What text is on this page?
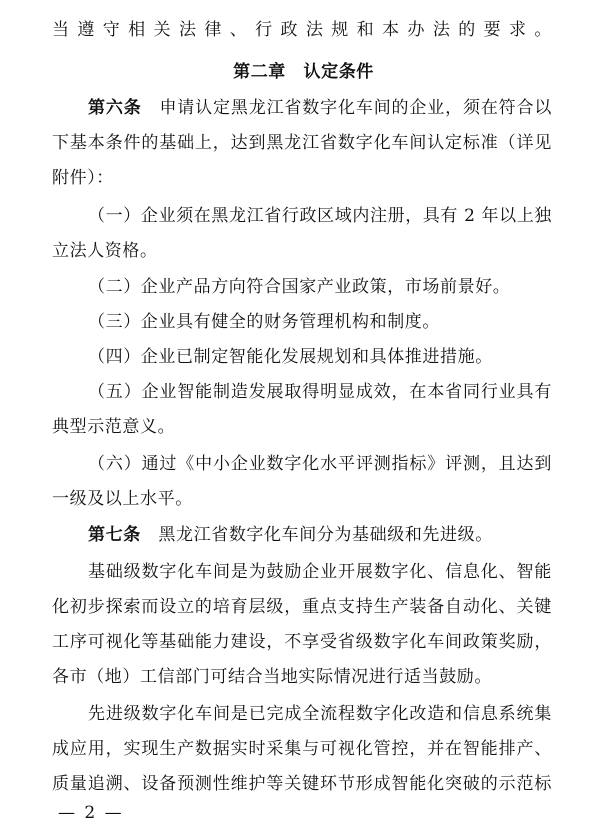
当遵守相关法律、行政法规和本办法的要求。
第二章　认定条件
第六条　 申请认定黑龙江省数字化车间的企业，须在符合以
下基本条件的基础上，达到黑龙江省数字化车间认定标准（详见
附件）：
（一）企业须在黑龙江省行政区域内注册，具有 2 年以上独
立法人资格。
（二）企业产品方向符合国家产业政策，市场前景好。
（三）企业具有健全的财务管理机构和制度。
（四）企业已制定智能化发展规划和具体推进措施。
（五）企业智能制造发展取得明显成效，在本省同行业具有
典型示范意义。
（六）通过《中小企业数字化水平评测指标》评测，且达到
一级及以上水平。
第七条　 黑龙江省数字化车间分为基础级和先进级。
基础级数字化车间是为鼓励企业开展数字化、信息化、智能
化初步探索而设立的培育层级，重点支持生产装备自动化、关键
工序可视化等基础能力建设，不享受省级数字化车间政策奖励，
各市（地）工信部门可结合当地实际情况进行适当鼓励。
先进级数字化车间是已完成全流程数字化改造和信息系统集
成应用，实现生产数据实时采集与可视化管控，并在智能排产、
质量追溯、设备预测性维护等关键环节形成智能化突破的示范标
— 2 —
